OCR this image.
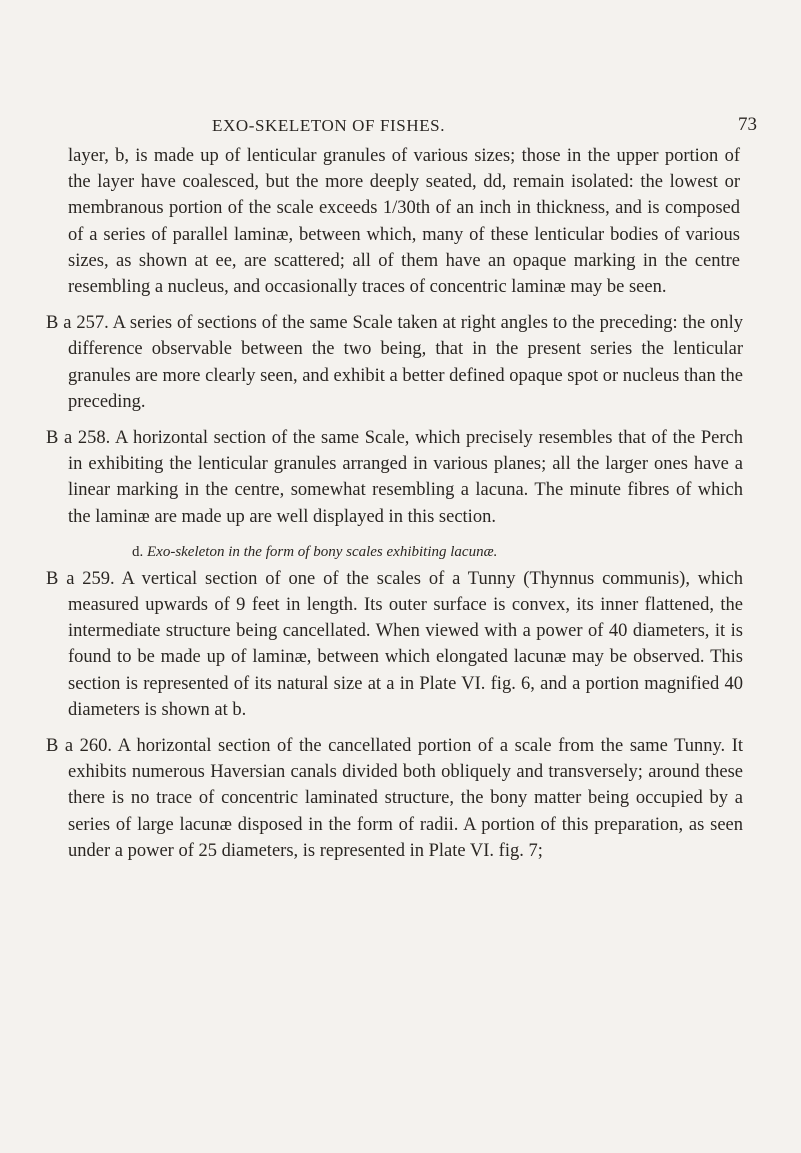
EXO-SKELETON OF FISHES.	73

layer, b, is made up of lenticular granules of various sizes; those in the upper portion of the layer have coalesced, but the more deeply seated, dd, remain isolated: the lowest or membranous portion of the scale exceeds 1/30th of an inch in thickness, and is composed of a series of parallel laminæ, between which, many of these lenticular bodies of various sizes, as shown at ee, are scattered; all of them have an opaque marking in the centre resembling a nucleus, and occasionally traces of concentric laminæ may be seen.

B a 257. A series of sections of the same Scale taken at right angles to the preceding: the only difference observable between the two being, that in the present series the lenticular granules are more clearly seen, and exhibit a better defined opaque spot or nucleus than the preceding.

B a 258. A horizontal section of the same Scale, which precisely resembles that of the Perch in exhibiting the lenticular granules arranged in various planes; all the larger ones have a linear marking in the centre, somewhat resembling a lacuna. The minute fibres of which the laminæ are made up are well displayed in this section.

d. Exo-skeleton in the form of bony scales exhibiting lacunæ.

B a 259. A vertical section of one of the scales of a Tunny (Thynnus communis), which measured upwards of 9 feet in length. Its outer surface is convex, its inner flattened, the intermediate structure being cancellated. When viewed with a power of 40 diameters, it is found to be made up of laminæ, between which elongated lacunæ may be observed. This section is represented of its natural size at a in Plate VI. fig. 6, and a portion magnified 40 diameters is shown at b.

B a 260. A horizontal section of the cancellated portion of a scale from the same Tunny. It exhibits numerous Haversian canals divided both obliquely and transversely; around these there is no trace of concentric laminated structure, the bony matter being occupied by a series of large lacunæ disposed in the form of radii. A portion of this preparation, as seen under a power of 25 diameters, is represented in Plate VI. fig. 7;
